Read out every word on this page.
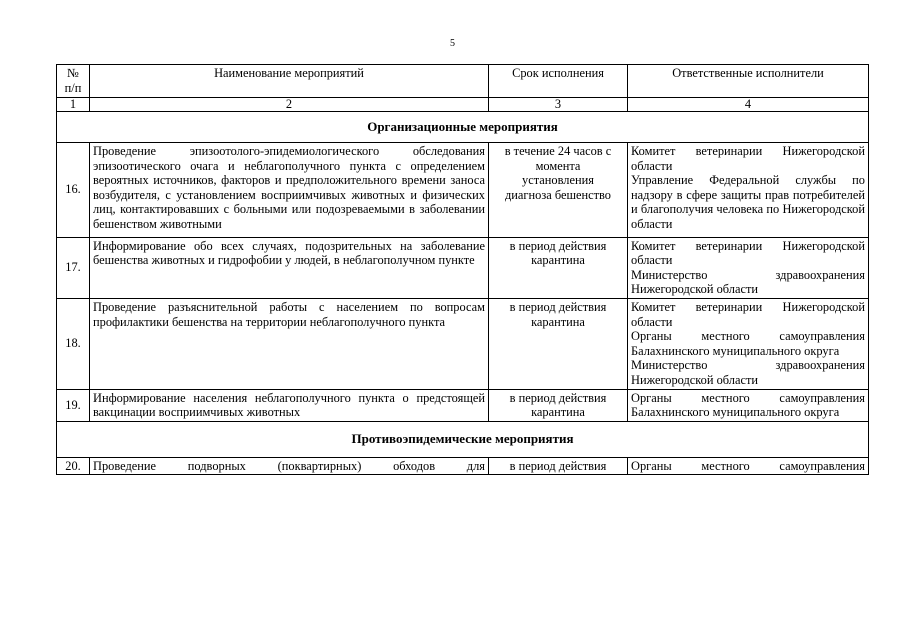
5
№
п/п	Наименование мероприятий	Срок исполнения	Ответственные исполнители
1	2	3	4
Организационные мероприятия			
16.	Проведение эпизоотолого-эпидемиологического обследования эпизоотического очага и неблагополучного пункта с определением вероятных источников, факторов и предположительного времени заноса возбудителя, с установлением восприимчивых животных и физических лиц, контактировавших с больными или подозреваемыми в заболевании бешенством животными	в течение 24 часов с момента установления диагноза бешенство	Комитет ветеринарии Нижегородской области
Управление Федеральной службы по надзору в сфере защиты прав потребителей и благополучия человека по Нижегородской области

17.	Информирование обо всех случаях, подозрительных на заболевание бешенства животных и гидрофобии у людей, в неблагополучном пункте	в период действия карантина	Комитет ветеринарии Нижегородской области
Министерство здравоохранения Нижегородской области

18.	Проведение разъяснительной работы с населением по вопросам профилактики бешенства на территории неблагополучного пункта	в период действия карантина	Комитет ветеринарии Нижегородской области
Органы местного самоуправления Балахнинского муниципального округа
Министерство здравоохранения Нижегородской области

19.	Информирование населения неблагополучного пункта о предстоящей вакцинации восприимчивых животных	в период действия карантина	Органы местного самоуправления Балахнинского муниципального округа

Противоэпидемические мероприятия			
20.	Проведение подворных (поквартирных) обходов для	в период действия	Органы местного самоуправления
